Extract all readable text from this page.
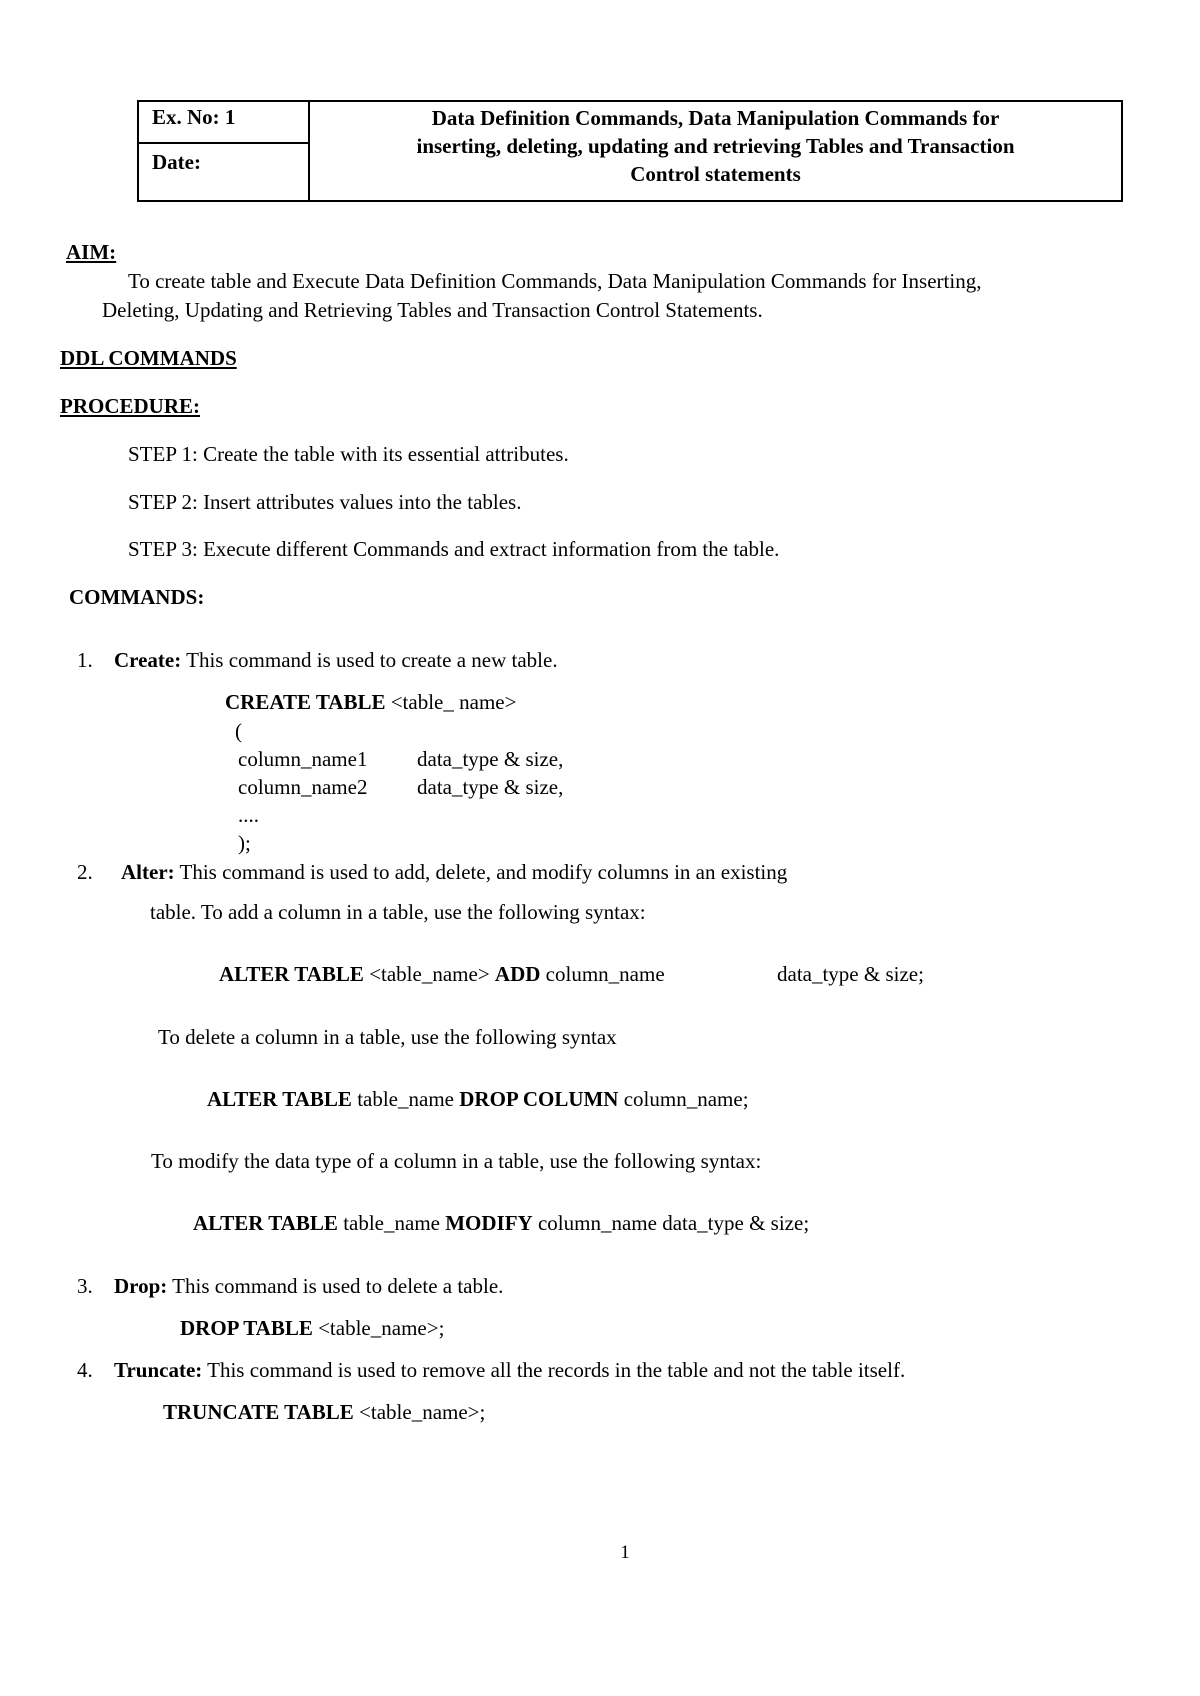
Ex. No: 1
Date:
Data Definition Commands, Data Manipulation Commands for
inserting, deleting, updating and retrieving Tables and Transaction
Control statements
AIM:
To create table and Execute Data Definition Commands, Data Manipulation Commands for Inserting,
Deleting, Updating and Retrieving Tables and Transaction Control Statements.
DDL COMMANDS
PROCEDURE:
STEP 1: Create the table with its essential attributes.
STEP 2: Insert attributes values into the tables.
STEP 3: Execute different Commands and extract information from the table.
COMMANDS:
1. Create: This command is used to create a new table.
CREATE TABLE <table_ name>
(
column_name1 data_type & size,
column_name2 data_type & size,
....
);
2. Alter: This command is used to add, delete, and modify columns in an existing
table. To add a column in a table, use the following syntax:
ALTER TABLE <table_name> ADD column_name	data_type & size;
To delete a column in a table, use the following syntax
ALTER TABLE table_name DROP COLUMN column_name;
To modify the data type of a column in a table, use the following syntax:
ALTER TABLE table_name MODIFY column_name data_type & size;
3. Drop: This command is used to delete a table.
DROP TABLE <table_name>;
4. Truncate: This command is used to remove all the records in the table and not the table itself.
TRUNCATE TABLE <table_name>;
1
